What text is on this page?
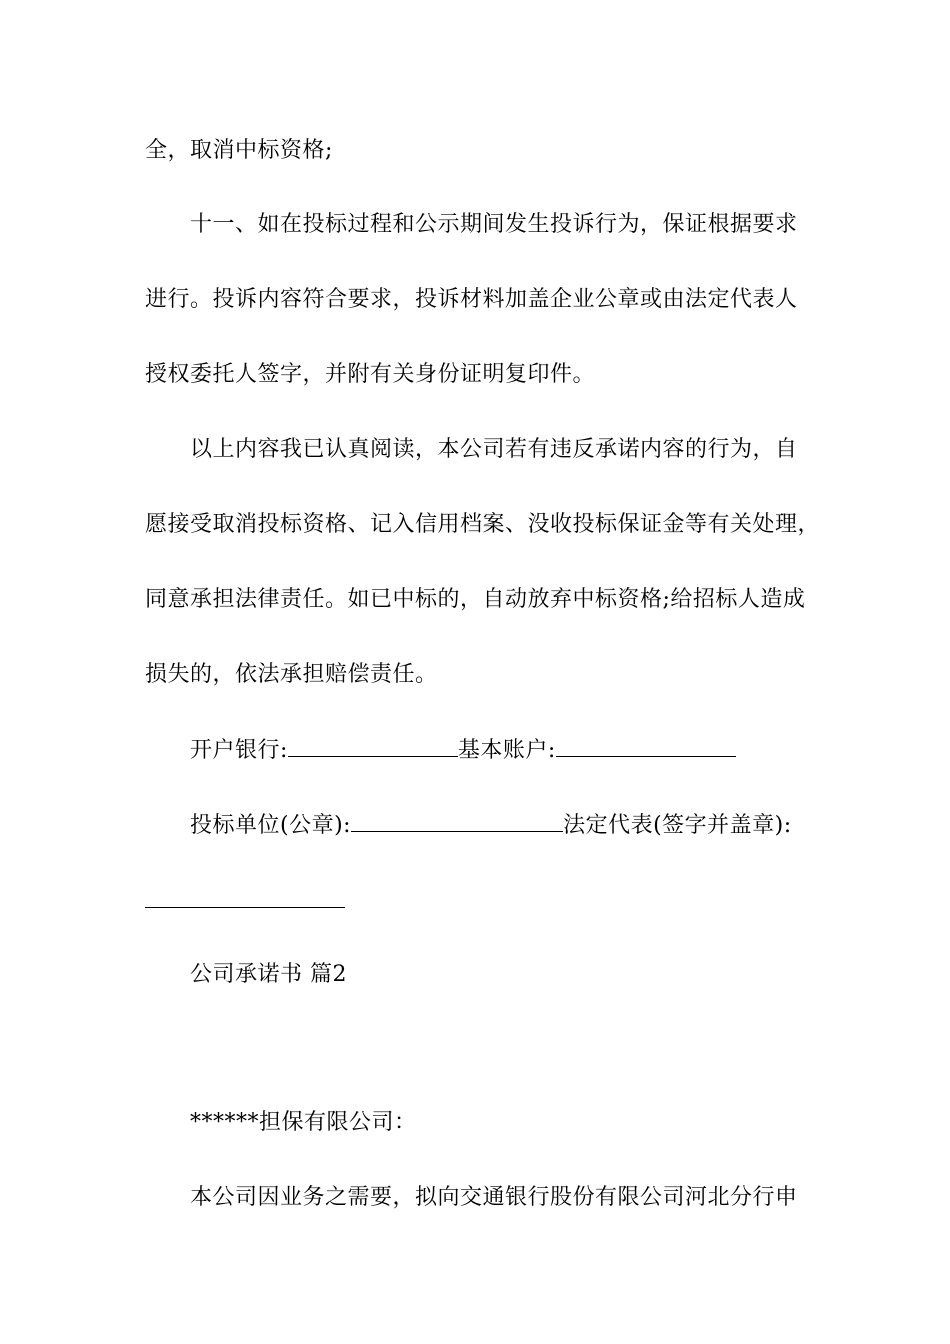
全，取消中标资格;
十一、如在投标过程和公示期间发生投诉行为，保证根据要求
进行。投诉内容符合要求，投诉材料加盖企业公章或由法定代表人
授权委托人签字，并附有关身份证明复印件。
以上内容我已认真阅读，本公司若有违反承诺内容的行为，自
愿接受取消投标资格、记入信用档案、没收投标保证金等有关处理，
同意承担法律责任。如已中标的，自动放弃中标资格;给招标人造成
损失的，依法承担赔偿责任。
开户银行:	基本账户:
投标单位(公章):	法定代表(签字并盖章):
公司承诺书 篇2
******担保有限公司：
本公司因业务之需要，拟向交通银行股份有限公司河北分行申
